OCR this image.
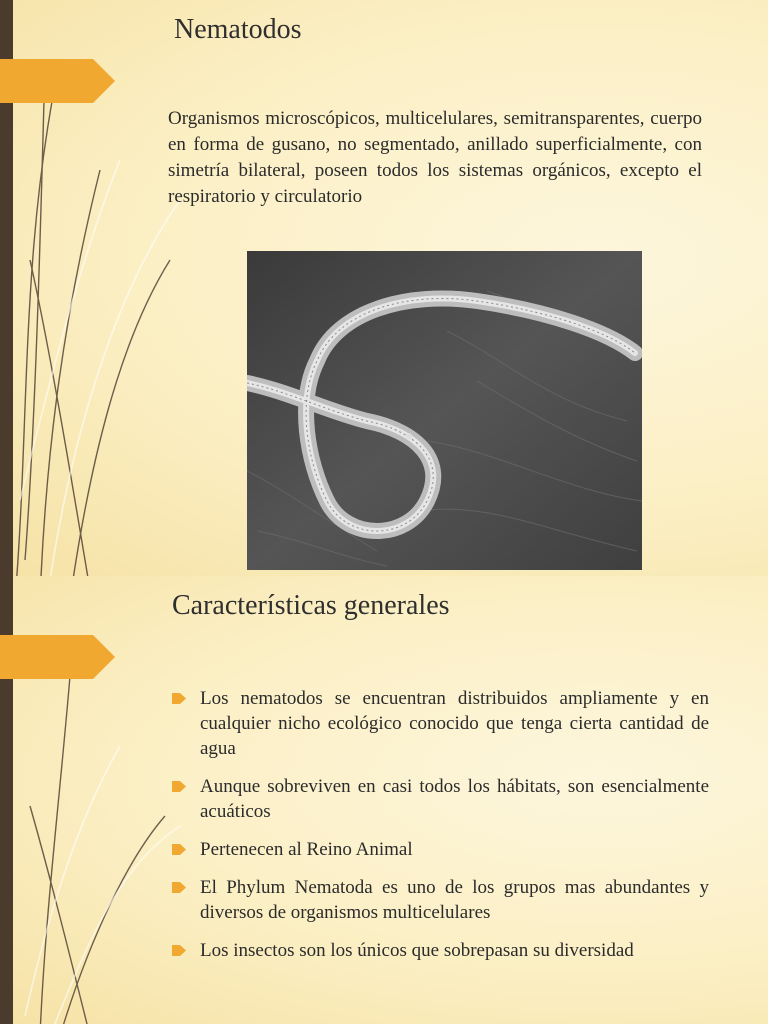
Nematodos

Organismos microscópicos, multicelulares, semitransparentes, cuerpo en forma de gusano, no segmentado, anillado superficialmente, con simetría bilateral, poseen todos los sistemas orgánicos, excepto el respiratorio y circulatorio

Características generales
Los nematodos se encuentran distribuidos ampliamente y en cualquier nicho ecológico conocido que tenga cierta cantidad de agua
Aunque sobreviven en casi todos los hábitats, son esencialmente acuáticos
Pertenecen al Reino Animal
El Phylum Nematoda es uno de los grupos mas abundantes y diversos de organismos multicelulares
Los insectos son los únicos que sobrepasan su diversidad
